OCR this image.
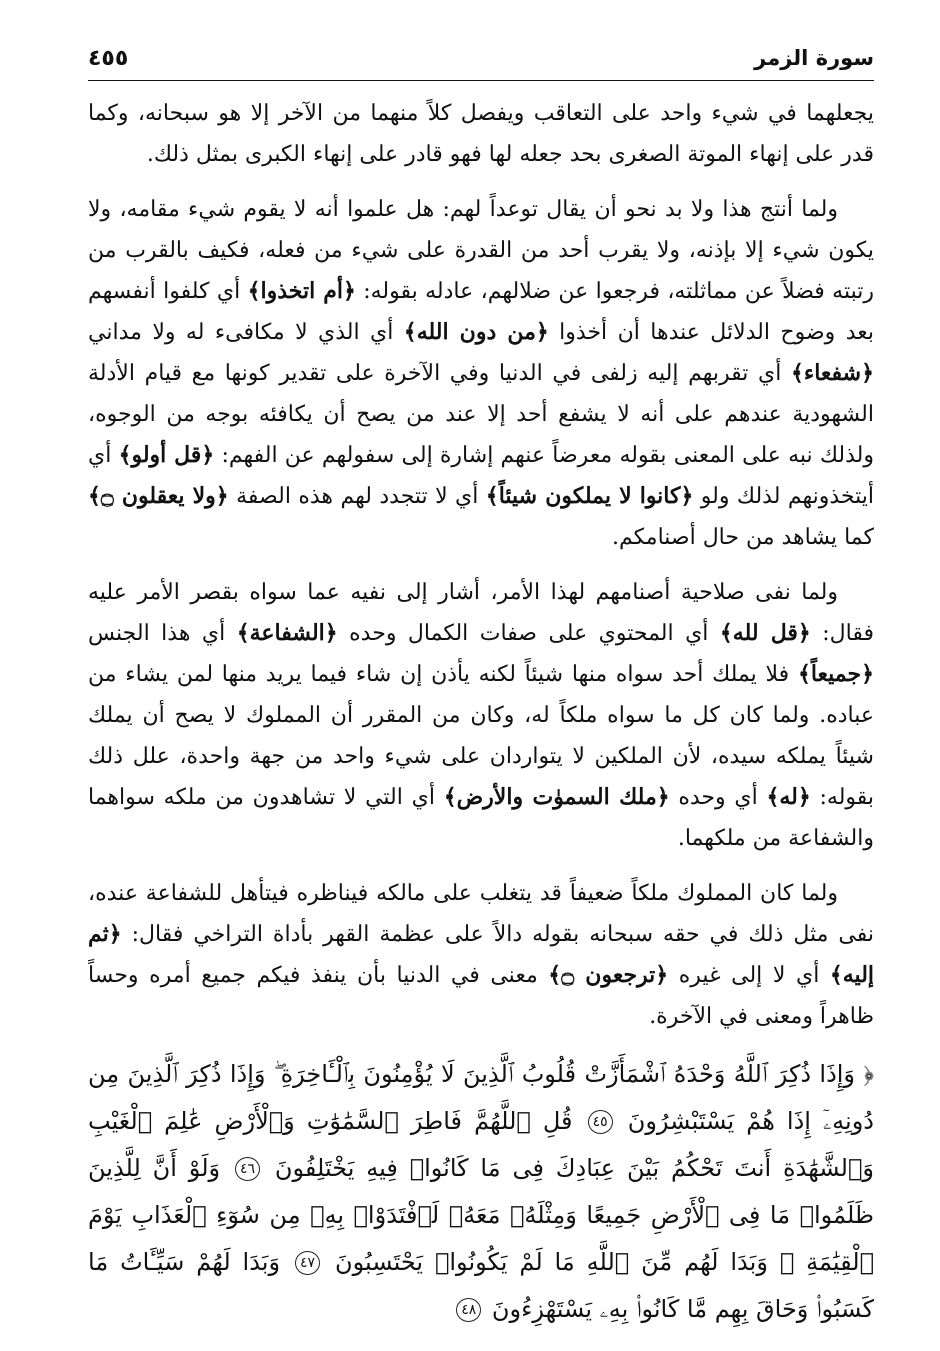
سورة الزمر
٤٥٥

يجعلهما في شيء واحد على التعاقب ويفصل كلاً منهما من الآخر إلا هو سبحانه، وكما قدر على إنهاء الموتة الصغرى بحد جعله لها فهو قادر على إنهاء الكبرى بمثل ذلك.

ولما أنتج هذا ولا بد نحو أن يقال توعداً لهم: هل علموا أنه لا يقوم شيء مقامه، ولا يكون شيء إلا بإذنه، ولا يقرب أحد من القدرة على شيء من فعله، فكيف بالقرب من رتبته فضلاً عن مماثلته، فرجعوا عن ضلالهم، عادله بقوله: ﴿أم اتخذوا﴾ أي كلفوا أنفسهم بعد وضوح الدلائل عندها أن أخذوا ﴿من دون الله﴾ أي الذي لا مكافىء له ولا مداني ﴿شفعاء﴾ أي تقربهم إليه زلفى في الدنيا وفي الآخرة على تقدير كونها مع قيام الأدلة الشهودية عندهم على أنه لا يشفع أحد إلا عند من يصح أن يكافئه بوجه من الوجوه، ولذلك نبه على المعنى بقوله معرضاً عنهم إشارة إلى سفولهم عن الفهم: ﴿قل أولو﴾ أي أيتخذونهم لذلك ولو ﴿كانوا لا يملكون شيئاً﴾ أي لا تتجدد لهم هذه الصفة ﴿ولا يعقلون ۝﴾ كما يشاهد من حال أصنامكم.

ولما نفى صلاحية أصنامهم لهذا الأمر، أشار إلى نفيه عما سواه بقصر الأمر عليه فقال: ﴿قل لله﴾ أي المحتوي على صفات الكمال وحده ﴿الشفاعة﴾ أي هذا الجنس ﴿جميعاً﴾ فلا يملك أحد سواه منها شيئاً لكنه يأذن إن شاء فيما يريد منها لمن يشاء من عباده. ولما كان كل ما سواه ملكاً له، وكان من المقرر أن المملوك لا يصح أن يملك شيئاً يملكه سيده، لأن الملكين لا يتواردان على شيء واحد من جهة واحدة، علل ذلك بقوله: ﴿له﴾ أي وحده ﴿ملك السموٰت والأرض﴾ أي التي لا تشاهدون من ملكه سواهما والشفاعة من ملكهما.

ولما كان المملوك ملكاً ضعيفاً قد يتغلب على مالكه فيناظره فيتأهل للشفاعة عنده، نفى مثل ذلك في حقه سبحانه بقوله دالاً على عظمة القهر بأداة التراخي فقال: ﴿ثم إليه﴾ أي لا إلى غيره ﴿ترجعون ۝﴾ معنى في الدنيا بأن ينفذ فيكم جميع أمره وحساً ظاهراً ومعنى في الآخرة.

﴿ وَإِذَا ذُكِرَ ٱللَّهُ وَحْدَهُ ٱشْمَأَزَّتْ قُلُوبُ ٱلَّذِينَ لَا يُؤْمِنُونَ بِٱلْـَٔاخِرَةِ ۖ وَإِذَا ذُكِرَ ٱلَّذِينَ مِن دُونِهِۦٓ إِذَا هُمْ يَسْتَبْشِرُونَ ٤٥ قُلِ ٱللَّهُمَّ فَاطِرَ ٱلسَّمَٰوَٰتِ وَٱلْأَرْضِ عَٰلِمَ ٱلْغَيْبِ وَٱلشَّهَٰدَةِ أَنتَ تَحْكُمُ بَيْنَ عِبَادِكَ فِى مَا كَانُوا۟ فِيهِ يَخْتَلِفُونَ ٤٦ وَلَوْ أَنَّ لِلَّذِينَ ظَلَمُوا۟ مَا فِى ٱلْأَرْضِ جَمِيعًا وَمِثْلَهُۥ مَعَهُۥ لَٱفْتَدَوْا۟ بِهِۦ مِن سُوٓءِ ٱلْعَذَابِ يَوْمَ ٱلْقِيَٰمَةِ ۚ وَبَدَا لَهُم مِّنَ ٱللَّهِ مَا لَمْ يَكُونُوا۟ يَحْتَسِبُونَ ٤٧ وَبَدَا لَهُمْ سَيِّـَٔاتُ مَا كَسَبُوا۟ وَحَاقَ بِهِم مَّا كَانُوا۟ بِهِۦ يَسْتَهْزِءُونَ ٤٨
